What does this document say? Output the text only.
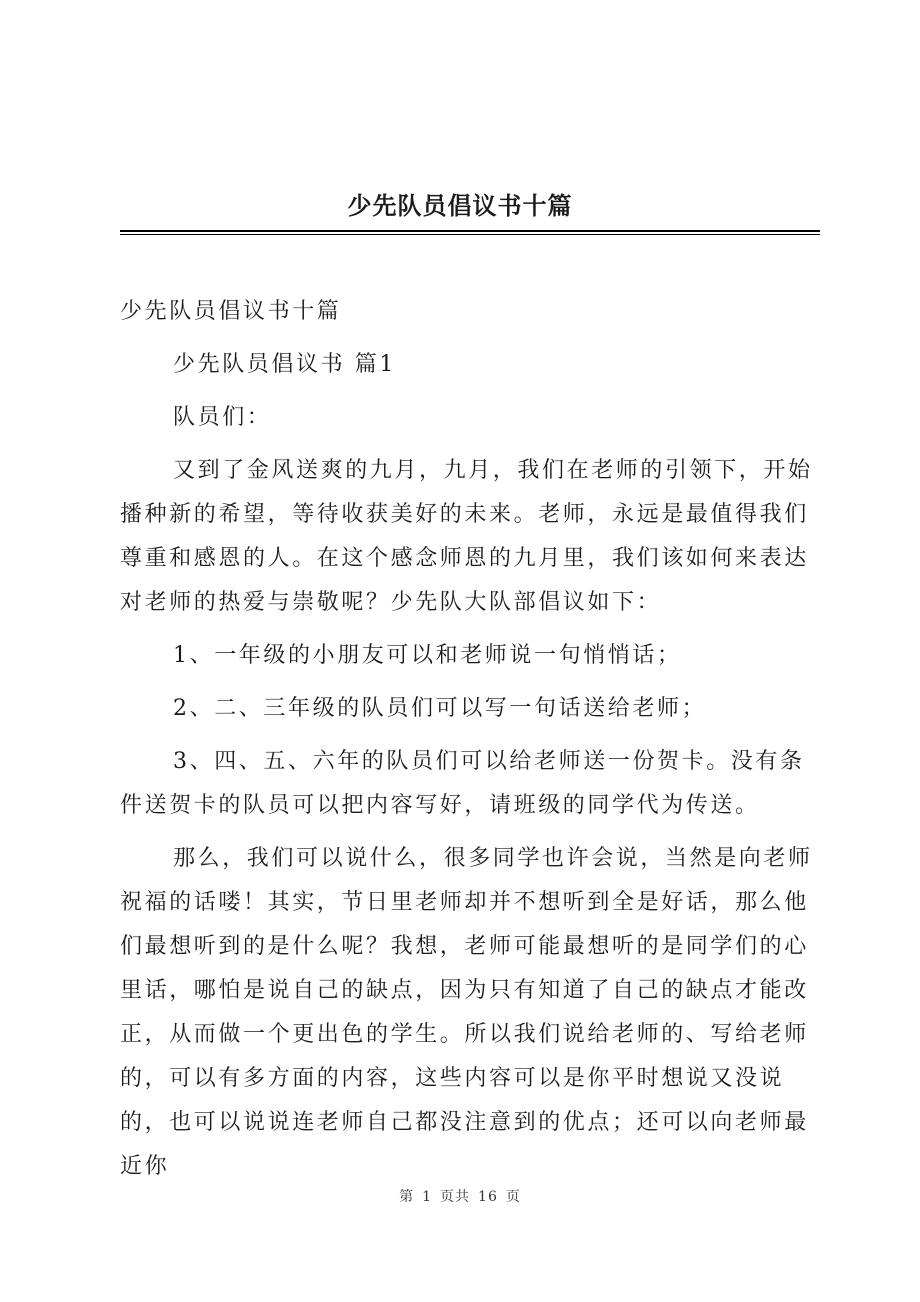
少先队员倡议书十篇

少先队员倡议书十篇

少先队员倡议书 篇1

队员们：

又到了金风送爽的九月，九月，我们在老师的引领下，开始播种新的希望，等待收获美好的未来。老师，永远是最值得我们尊重和感恩的人。在这个感念师恩的九月里，我们该如何来表达对老师的热爱与崇敬呢？少先队大队部倡议如下：

1、一年级的小朋友可以和老师说一句悄悄话；

2、二、三年级的队员们可以写一句话送给老师；

3、四、五、六年的队员们可以给老师送一份贺卡。没有条件送贺卡的队员可以把内容写好，请班级的同学代为传送。

那么，我们可以说什么，很多同学也许会说，当然是向老师祝福的话喽！其实，节日里老师却并不想听到全是好话，那么他们最想听到的是什么呢？我想，老师可能最想听的是同学们的心里话，哪怕是说自己的缺点，因为只有知道了自己的缺点才能改正，从而做一个更出色的学生。所以我们说给老师的、写给老师的，可以有多方面的内容，这些内容可以是你平时想说又没说的，也可以说说连老师自己都没注意到的优点；还可以向老师最近你

第 1 页共 16 页
